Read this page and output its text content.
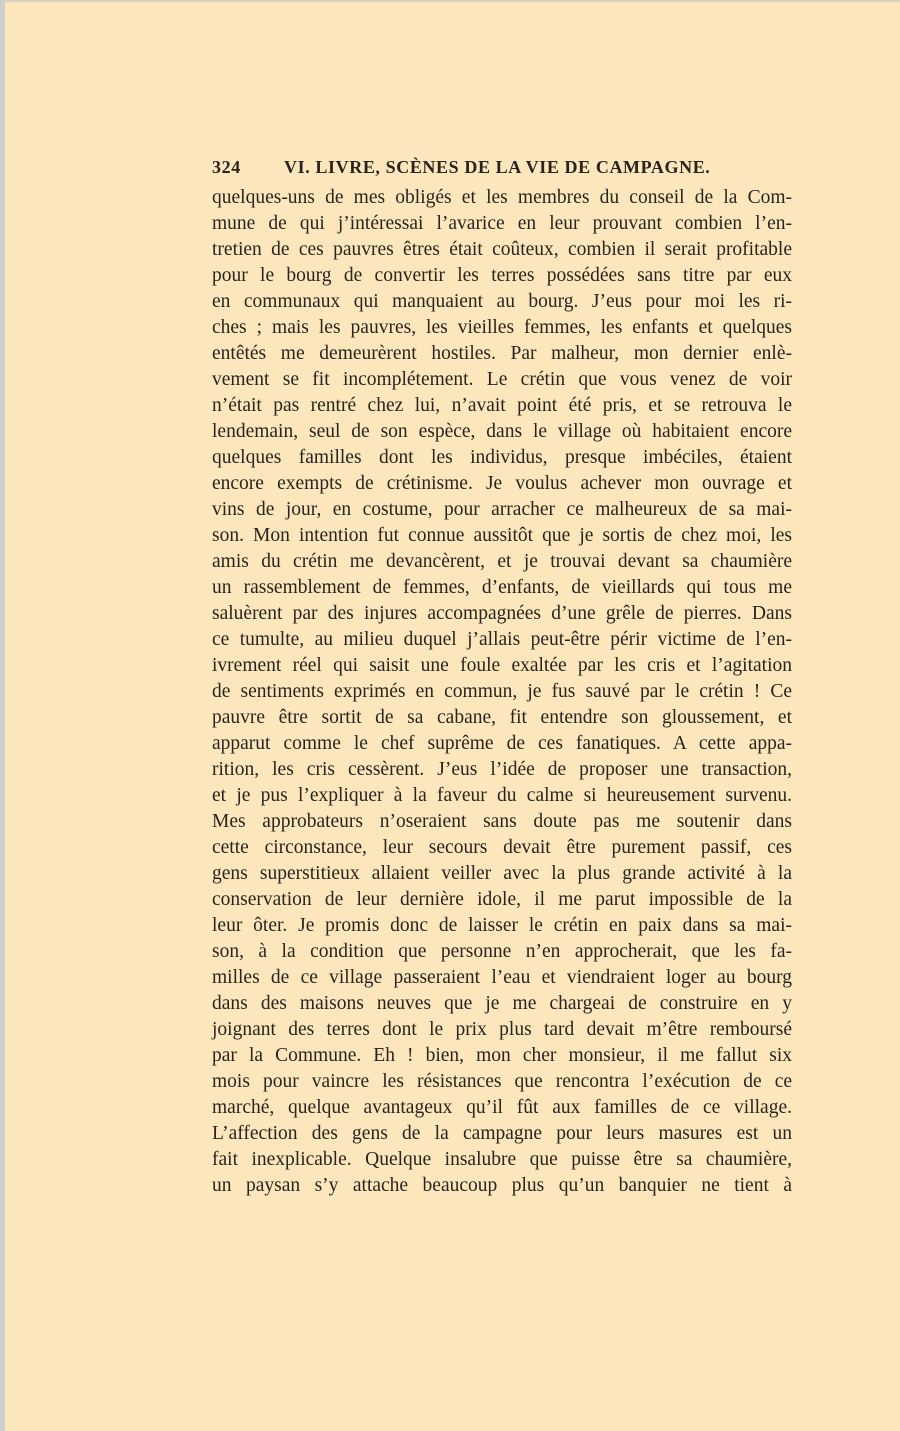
324 VI. LIVRE, SCÈNES DE LA VIE DE CAMPAGNE.
quelques-uns de mes obligés et les membres du conseil de la Com-
mune de qui j’intéressai l’avarice en leur prouvant combien l’en-
tretien de ces pauvres êtres était coûteux, combien il serait profitable
pour le bourg de convertir les terres possédées sans titre par eux
en communaux qui manquaient au bourg. J’eus pour moi les ri-
ches ; mais les pauvres, les vieilles femmes, les enfants et quelques
entêtés me demeurèrent hostiles. Par malheur, mon dernier enlè-
vement se fit incomplétement. Le crétin que vous venez de voir
n’était pas rentré chez lui, n’avait point été pris, et se retrouva le
lendemain, seul de son espèce, dans le village où habitaient encore
quelques familles dont les individus, presque imbéciles, étaient
encore exempts de crétinisme. Je voulus achever mon ouvrage et
vins de jour, en costume, pour arracher ce malheureux de sa mai-
son. Mon intention fut connue aussitôt que je sortis de chez moi, les
amis du crétin me devancèrent, et je trouvai devant sa chaumière
un rassemblement de femmes, d’enfants, de vieillards qui tous me
saluèrent par des injures accompagnées d’une grêle de pierres. Dans
ce tumulte, au milieu duquel j’allais peut-être périr victime de l’en-
ivrement réel qui saisit une foule exaltée par les cris et l’agitation
de sentiments exprimés en commun, je fus sauvé par le crétin ! Ce
pauvre être sortit de sa cabane, fit entendre son gloussement, et
apparut comme le chef suprême de ces fanatiques. A cette appa-
rition, les cris cessèrent. J’eus l’idée de proposer une transaction,
et je pus l’expliquer à la faveur du calme si heureusement survenu.
Mes approbateurs n’oseraient sans doute pas me soutenir dans
cette circonstance, leur secours devait être purement passif, ces
gens superstitieux allaient veiller avec la plus grande activité à la
conservation de leur dernière idole, il me parut impossible de la
leur ôter. Je promis donc de laisser le crétin en paix dans sa mai-
son, à la condition que personne n’en approcherait, que les fa-
milles de ce village passeraient l’eau et viendraient loger au bourg
dans des maisons neuves que je me chargeai de construire en y
joignant des terres dont le prix plus tard devait m’être remboursé
par la Commune. Eh ! bien, mon cher monsieur, il me fallut six
mois pour vaincre les résistances que rencontra l’exécution de ce
marché, quelque avantageux qu’il fût aux familles de ce village.
L’affection des gens de la campagne pour leurs masures est un
fait inexplicable. Quelque insalubre que puisse être sa chaumière,
un paysan s’y attache beaucoup plus qu’un banquier ne tient à
